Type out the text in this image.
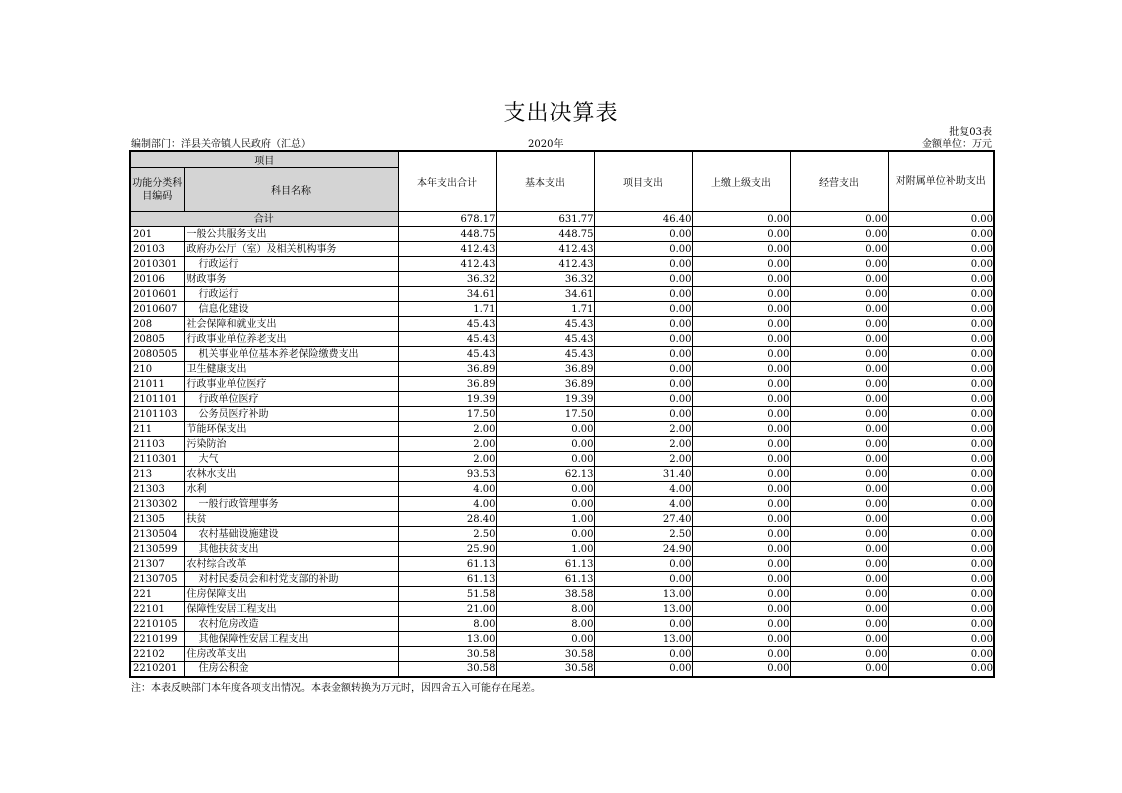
支出决算表
批复03表
编制部门：洋县关帝镇人民政府（汇总）	2020年	金额单位：万元
项目		本年支出合计	基本支出	项目支出	上缴上级支出	经营支出	对附属单位补助支出
功能分类科目编码	科目名称						
合计		678.17	631.77	46.40	0.00	0.00	0.00
201	一般公共服务支出	448.75	448.75	0.00	0.00	0.00	0.00
20103	政府办公厅（室）及相关机构事务	412.43	412.43	0.00	0.00	0.00	0.00
2010301	行政运行	412.43	412.43	0.00	0.00	0.00	0.00
20106	财政事务	36.32	36.32	0.00	0.00	0.00	0.00
2010601	行政运行	34.61	34.61	0.00	0.00	0.00	0.00
2010607	信息化建设	1.71	1.71	0.00	0.00	0.00	0.00
208	社会保障和就业支出	45.43	45.43	0.00	0.00	0.00	0.00
20805	行政事业单位养老支出	45.43	45.43	0.00	0.00	0.00	0.00
2080505	机关事业单位基本养老保险缴费支出	45.43	45.43	0.00	0.00	0.00	0.00
210	卫生健康支出	36.89	36.89	0.00	0.00	0.00	0.00
21011	行政事业单位医疗	36.89	36.89	0.00	0.00	0.00	0.00
2101101	行政单位医疗	19.39	19.39	0.00	0.00	0.00	0.00
2101103	公务员医疗补助	17.50	17.50	0.00	0.00	0.00	0.00
211	节能环保支出	2.00	0.00	2.00	0.00	0.00	0.00
21103	污染防治	2.00	0.00	2.00	0.00	0.00	0.00
2110301	大气	2.00	0.00	2.00	0.00	0.00	0.00
213	农林水支出	93.53	62.13	31.40	0.00	0.00	0.00
21303	水利	4.00	0.00	4.00	0.00	0.00	0.00
2130302	一般行政管理事务	4.00	0.00	4.00	0.00	0.00	0.00
21305	扶贫	28.40	1.00	27.40	0.00	0.00	0.00
2130504	农村基础设施建设	2.50	0.00	2.50	0.00	0.00	0.00
2130599	其他扶贫支出	25.90	1.00	24.90	0.00	0.00	0.00
21307	农村综合改革	61.13	61.13	0.00	0.00	0.00	0.00
2130705	对村民委员会和村党支部的补助	61.13	61.13	0.00	0.00	0.00	0.00
221	住房保障支出	51.58	38.58	13.00	0.00	0.00	0.00
22101	保障性安居工程支出	21.00	8.00	13.00	0.00	0.00	0.00
2210105	农村危房改造	8.00	8.00	0.00	0.00	0.00	0.00
2210199	其他保障性安居工程支出	13.00	0.00	13.00	0.00	0.00	0.00
22102	住房改革支出	30.58	30.58	0.00	0.00	0.00	0.00
2210201	住房公积金	30.58	30.58	0.00	0.00	0.00	0.00
注：本表反映部门本年度各项支出情况。本表金额转换为万元时，因四舍五入可能存在尾差。
